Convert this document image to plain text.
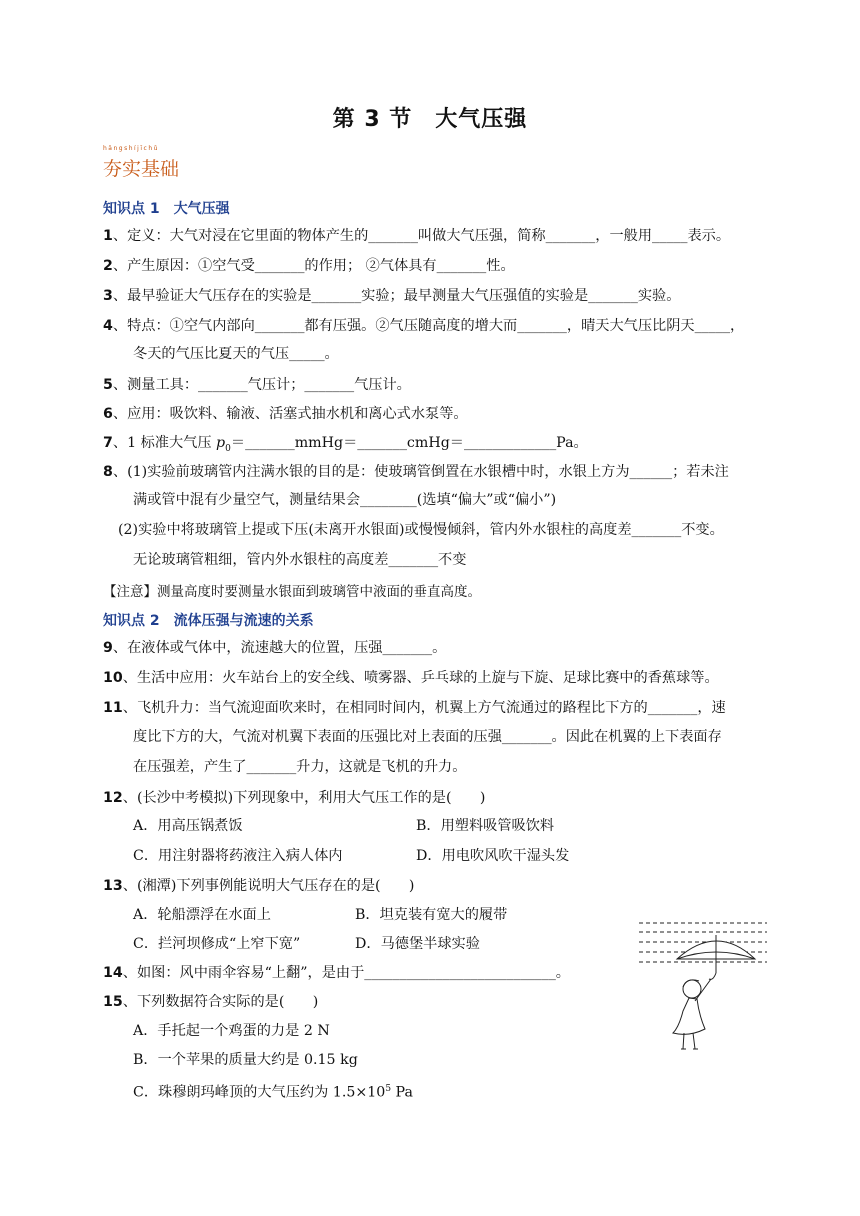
第 3 节　大气压强
hāngshíjīchǔ
夯实基础
知识点 1　大气压强
1、定义：大气对浸在它里面的物体产生的_______叫做大气压强，简称_______，一般用_____表示。
2、产生原因：①空气受_______的作用； ②气体具有_______性。
3、最早验证大气压存在的实验是_______实验；最早测量大气压强值的实验是_______实验。
4、特点：①空气内部向_______都有压强。②气压随高度的增大而_______，晴天大气压比阴天_____，
冬天的气压比夏天的气压_____。
5、测量工具：_______气压计；_______气压计。
6、应用：吸饮料、输液、活塞式抽水机和离心式水泵等。
7、1 标准大气压 $p_0=\_\_\_\_\_\_\_mmHg=\_\_\_\_\_\_\_cmHg=\_\_\_\_\_\_\_\_\_\_\_\_\_Pa$。
8、(1)实验前玻璃管内注满水银的目的是：使玻璃管倒置在水银槽中时，水银上方为______；若未注
满或管中混有少量空气，测量结果会________(选填“偏大”或“偏小”)
(2)实验中将玻璃管上提或下压(未离开水银面)或慢慢倾斜，管内外水银柱的高度差_______不变。
无论玻璃管粗细，管内外水银柱的高度差_______不变
【注意】测量高度时要测量水银面到玻璃管中液面的垂直高度。
知识点 2　流体压强与流速的关系
9、在液体或气体中，流速越大的位置，压强_______。
10、生活中应用：火车站台上的安全线、喷雾器、乒乓球的上旋与下旋、足球比赛中的香蕉球等。
11、飞机升力：当气流迎面吹来时，在相同时间内，机翼上方气流通过的路程比下方的_______，速
度比下方的大，气流对机翼下表面的压强比对上表面的压强_______。因此在机翼的上下表面存
在压强差，产生了_______升力，这就是飞机的升力。
12、(长沙中考模拟)下列现象中，利用大气压工作的是(　　)
A．用高压锅煮饭	B．用塑料吸管吸饮料
C．用注射器将药液注入病人体内	D．用电吹风吹干湿头发
13、(湘潭)下列事例能说明大气压存在的是(　　)
A．轮船漂浮在水面上	B．坦克装有宽大的履带
C．拦河坝修成“上窄下宽”	D．马德堡半球实验
14、如图：风中雨伞容易“上翻”，是由于___________________________。
15、下列数据符合实际的是(　　)
A．手托起一个鸡蛋的力是 2 N
B．一个苹果的质量大约是 0.15 kg
C．珠穆朗玛峰顶的大气压约为 $1.5\times 10^5$ Pa
